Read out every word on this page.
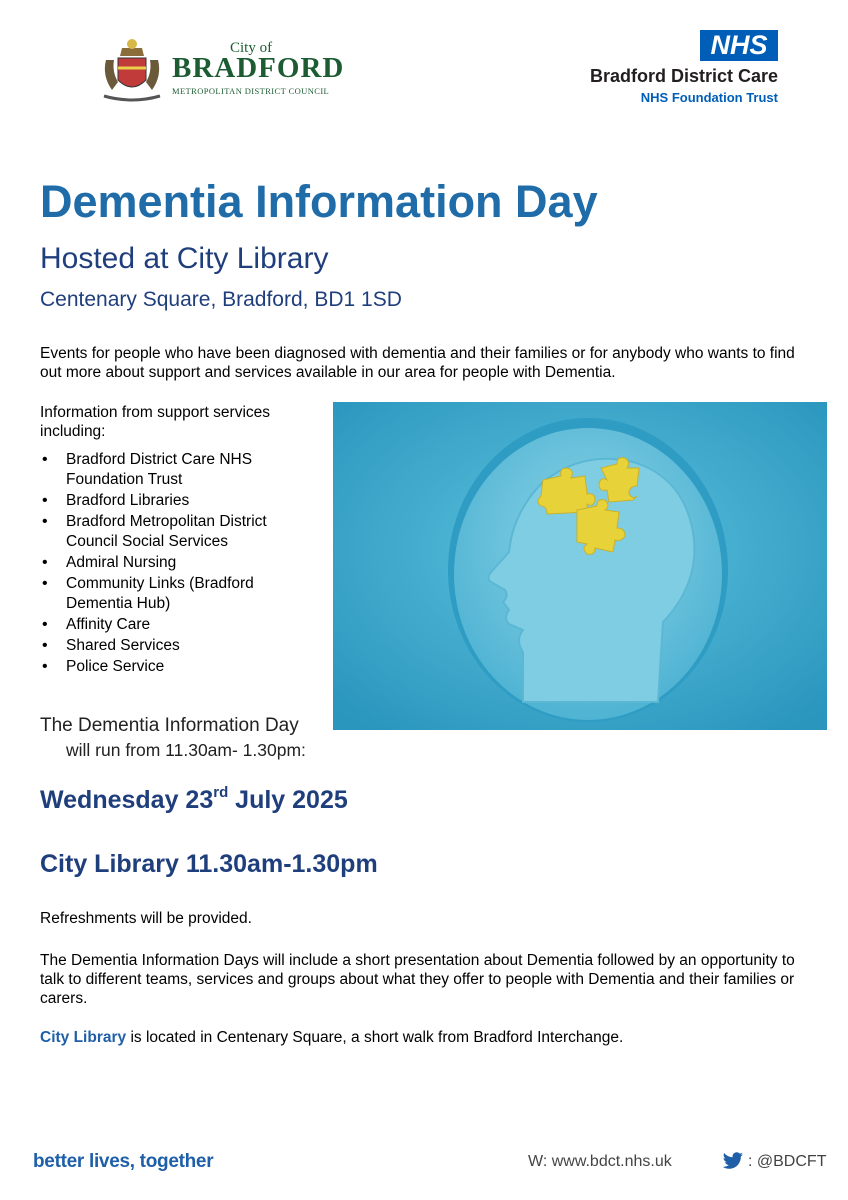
City of
BRADFORD
METROPOLITAN DISTRICT COUNCIL
NHS
Bradford District Care
NHS Foundation Trust
Dementia Information Day
Hosted at City Library
Centenary Square, Bradford, BD1 1SD
Events for people who have been diagnosed with dementia and their families or for anybody who wants to find out more about support and services available in our area for people with Dementia.
Information from support services including:
• Bradford District Care NHS Foundation Trust
• Bradford Libraries
• Bradford Metropolitan District Council Social Services
• Admiral Nursing
• Community Links (Bradford Dementia Hub)
• Affinity Care
• Shared Services
• Police Service
The Dementia Information Day
will run from 11.30am- 1.30pm:
Wednesday 23rd July 2025
City Library 11.30am-1.30pm
Refreshments will be provided.
The Dementia Information Days will include a short presentation about Dementia followed by an opportunity to talk to different teams, services and groups about what they offer to people with Dementia and their families or carers.
City Library is located in Centenary Square, a short walk from Bradford Interchange.
better lives, together	W: www.bdct.nhs.uk	: @BDCFT
